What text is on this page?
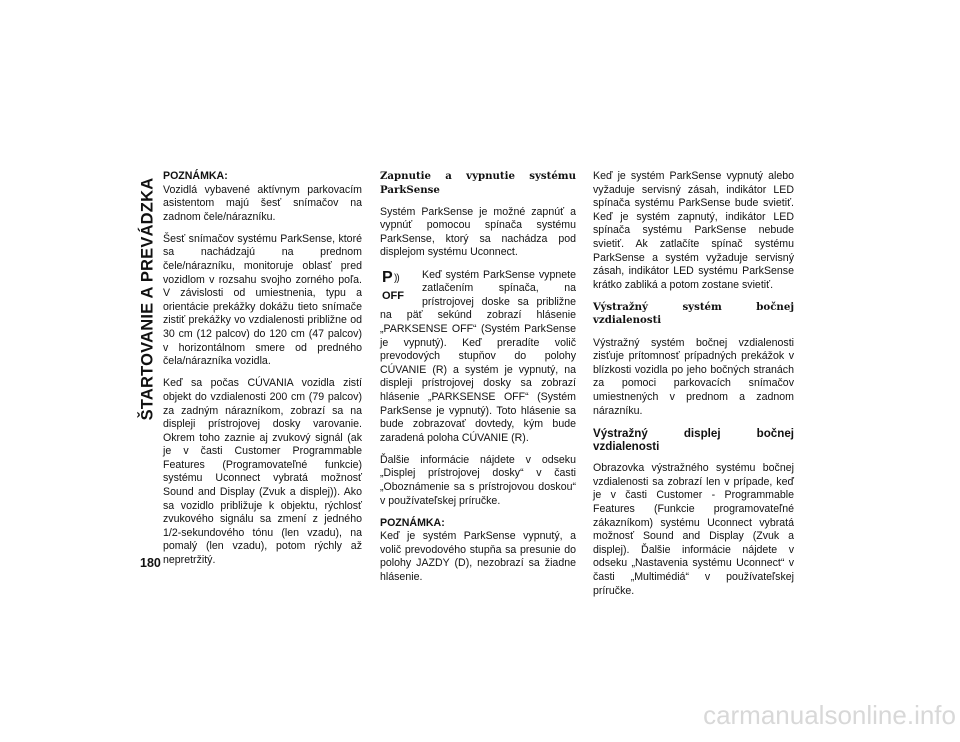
ŠTARTOVANIE A PREVÁDZKA

POZNÁMKA:

Vozidlá vybavené aktívnym parkovacím asistentom majú šesť snímačov na zadnom čele/nárazníku.

Šesť snímačov systému ParkSense, ktoré sa nachádzajú na prednom čele/nárazníku, monitoruje oblasť pred vozidlom v rozsahu svojho zorného poľa. V závislosti od umiestnenia, typu a orientácie prekážky dokážu tieto snímače zistiť prekážky vo vzdialenosti približne od 30 cm (12 palcov) do 120 cm (47 palcov) v horizontálnom smere od predného čela/nárazníka vozidla.

Keď sa počas CÚVANIA vozidla zistí objekt do vzdialenosti 200 cm (79 palcov) za zadným nárazníkom, zobrazí sa na displeji prístrojovej dosky varovanie. Okrem toho zaznie aj zvukový signál (ak je v časti Customer Programmable Features (Programovateľné funkcie) systému Uconnect vybratá možnosť Sound and Display (Zvuk a displej)). Ako sa vozidlo približuje k objektu, rýchlosť zvukového signálu sa zmení z jedného 1/2-sekundového tónu (len vzadu), na pomalý (len vzadu), potom rýchly až nepretržitý.

Zapnutie a vypnutie systému ParkSense

Systém ParkSense je možné zapnúť a vypnúť pomocou spínača systému ParkSense, ktorý sa nachádza pod displejom systému Uconnect.

P ))
OFF

Keď systém ParkSense vypnete zatlačením spínača, na prístrojovej doske sa približne na päť sekúnd zobrazí hlásenie „PARKSENSE OFF“ (Systém ParkSense je vypnutý). Keď preradíte volič prevodových stupňov do polohy CÚVANIE (R) a systém je vypnutý, na displeji prístrojovej dosky sa zobrazí hlásenie „PARKSENSE OFF“ (Systém ParkSense je vypnutý). Toto hlásenie sa bude zobrazovať dovtedy, kým bude zaradená poloha CÚVANIE (R).

Ďalšie informácie nájdete v odseku „Displej prístrojovej dosky“ v časti „Oboznámenie sa s prístrojovou doskou“ v používateľskej príručke.

POZNÁMKA:

Keď je systém ParkSense vypnutý, a volič prevodového stupňa sa presunie do polohy JAZDY (D), nezobrazí sa žiadne hlásenie.

Keď je systém ParkSense vypnutý alebo vyžaduje servisný zásah, indikátor LED spínača systému ParkSense bude svietiť. Keď je systém zapnutý, indikátor LED spínača systému ParkSense nebude svietiť. Ak zatlačíte spínač systému ParkSense a systém vyžaduje servisný zásah, indikátor LED systému ParkSense krátko zabliká a potom zostane svietiť.

Výstražný systém bočnej vzdialenosti

Výstražný systém bočnej vzdialenosti zisťuje prítomnosť prípadných prekážok v blízkosti vozidla po jeho bočných stranách za pomoci parkovacích snímačov umiestnených v prednom a zadnom nárazníku.

Výstražný displej bočnej vzdialenosti

Obrazovka výstražného systému bočnej vzdialenosti sa zobrazí len v prípade, keď je v časti Customer - Programmable Features (Funkcie programovateľné zákazníkom) systému Uconnect vybratá možnosť Sound and Display (Zvuk a displej). Ďalšie informácie nájdete v odseku „Nastavenia systému Uconnect“ v časti „Multimédiá“ v používateľskej príručke.

180
carmanualsonline.info
